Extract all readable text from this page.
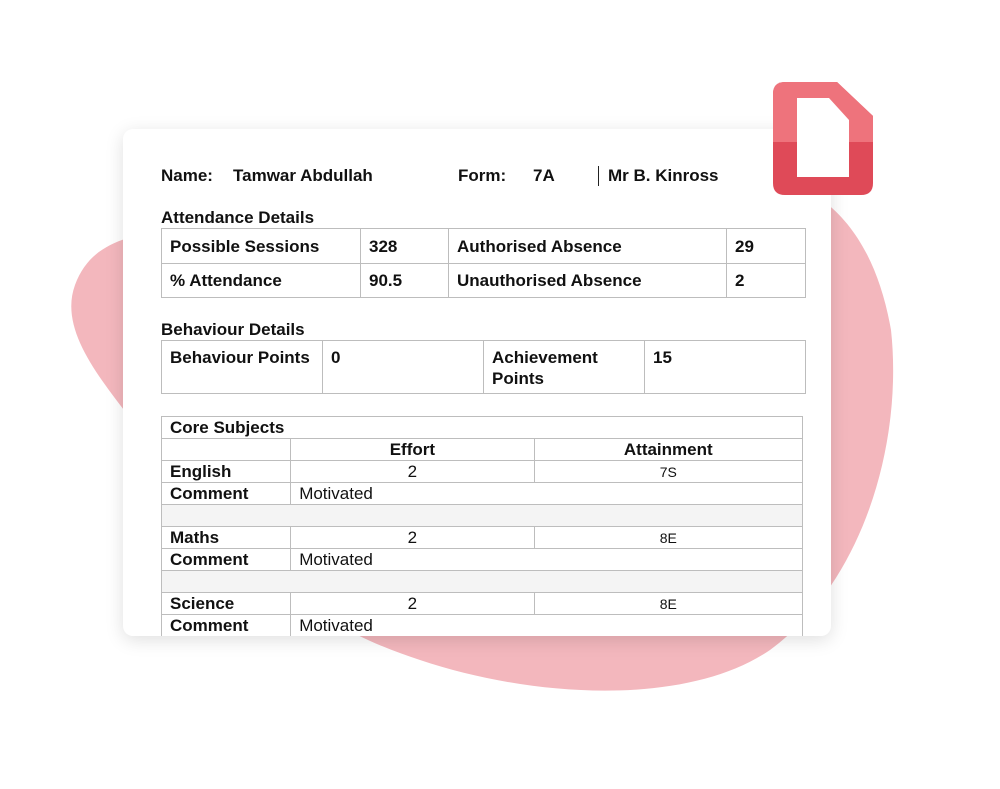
Name: Tamwar Abdullah	Form: 7A	Mr B. Kinross
Attendance Details
Possible Sessions	328	Authorised Absence	29
% Attendance	90.5	Unauthorised Absence	2
Behaviour Details
Behaviour Points	0	Achievement Points	15
Core Subjects		
	Effort	Attainment
English	2	7S
Comment	Motivated	

Maths	2	8E
Comment	Motivated	

Science	2	8E
Comment	Motivated	
